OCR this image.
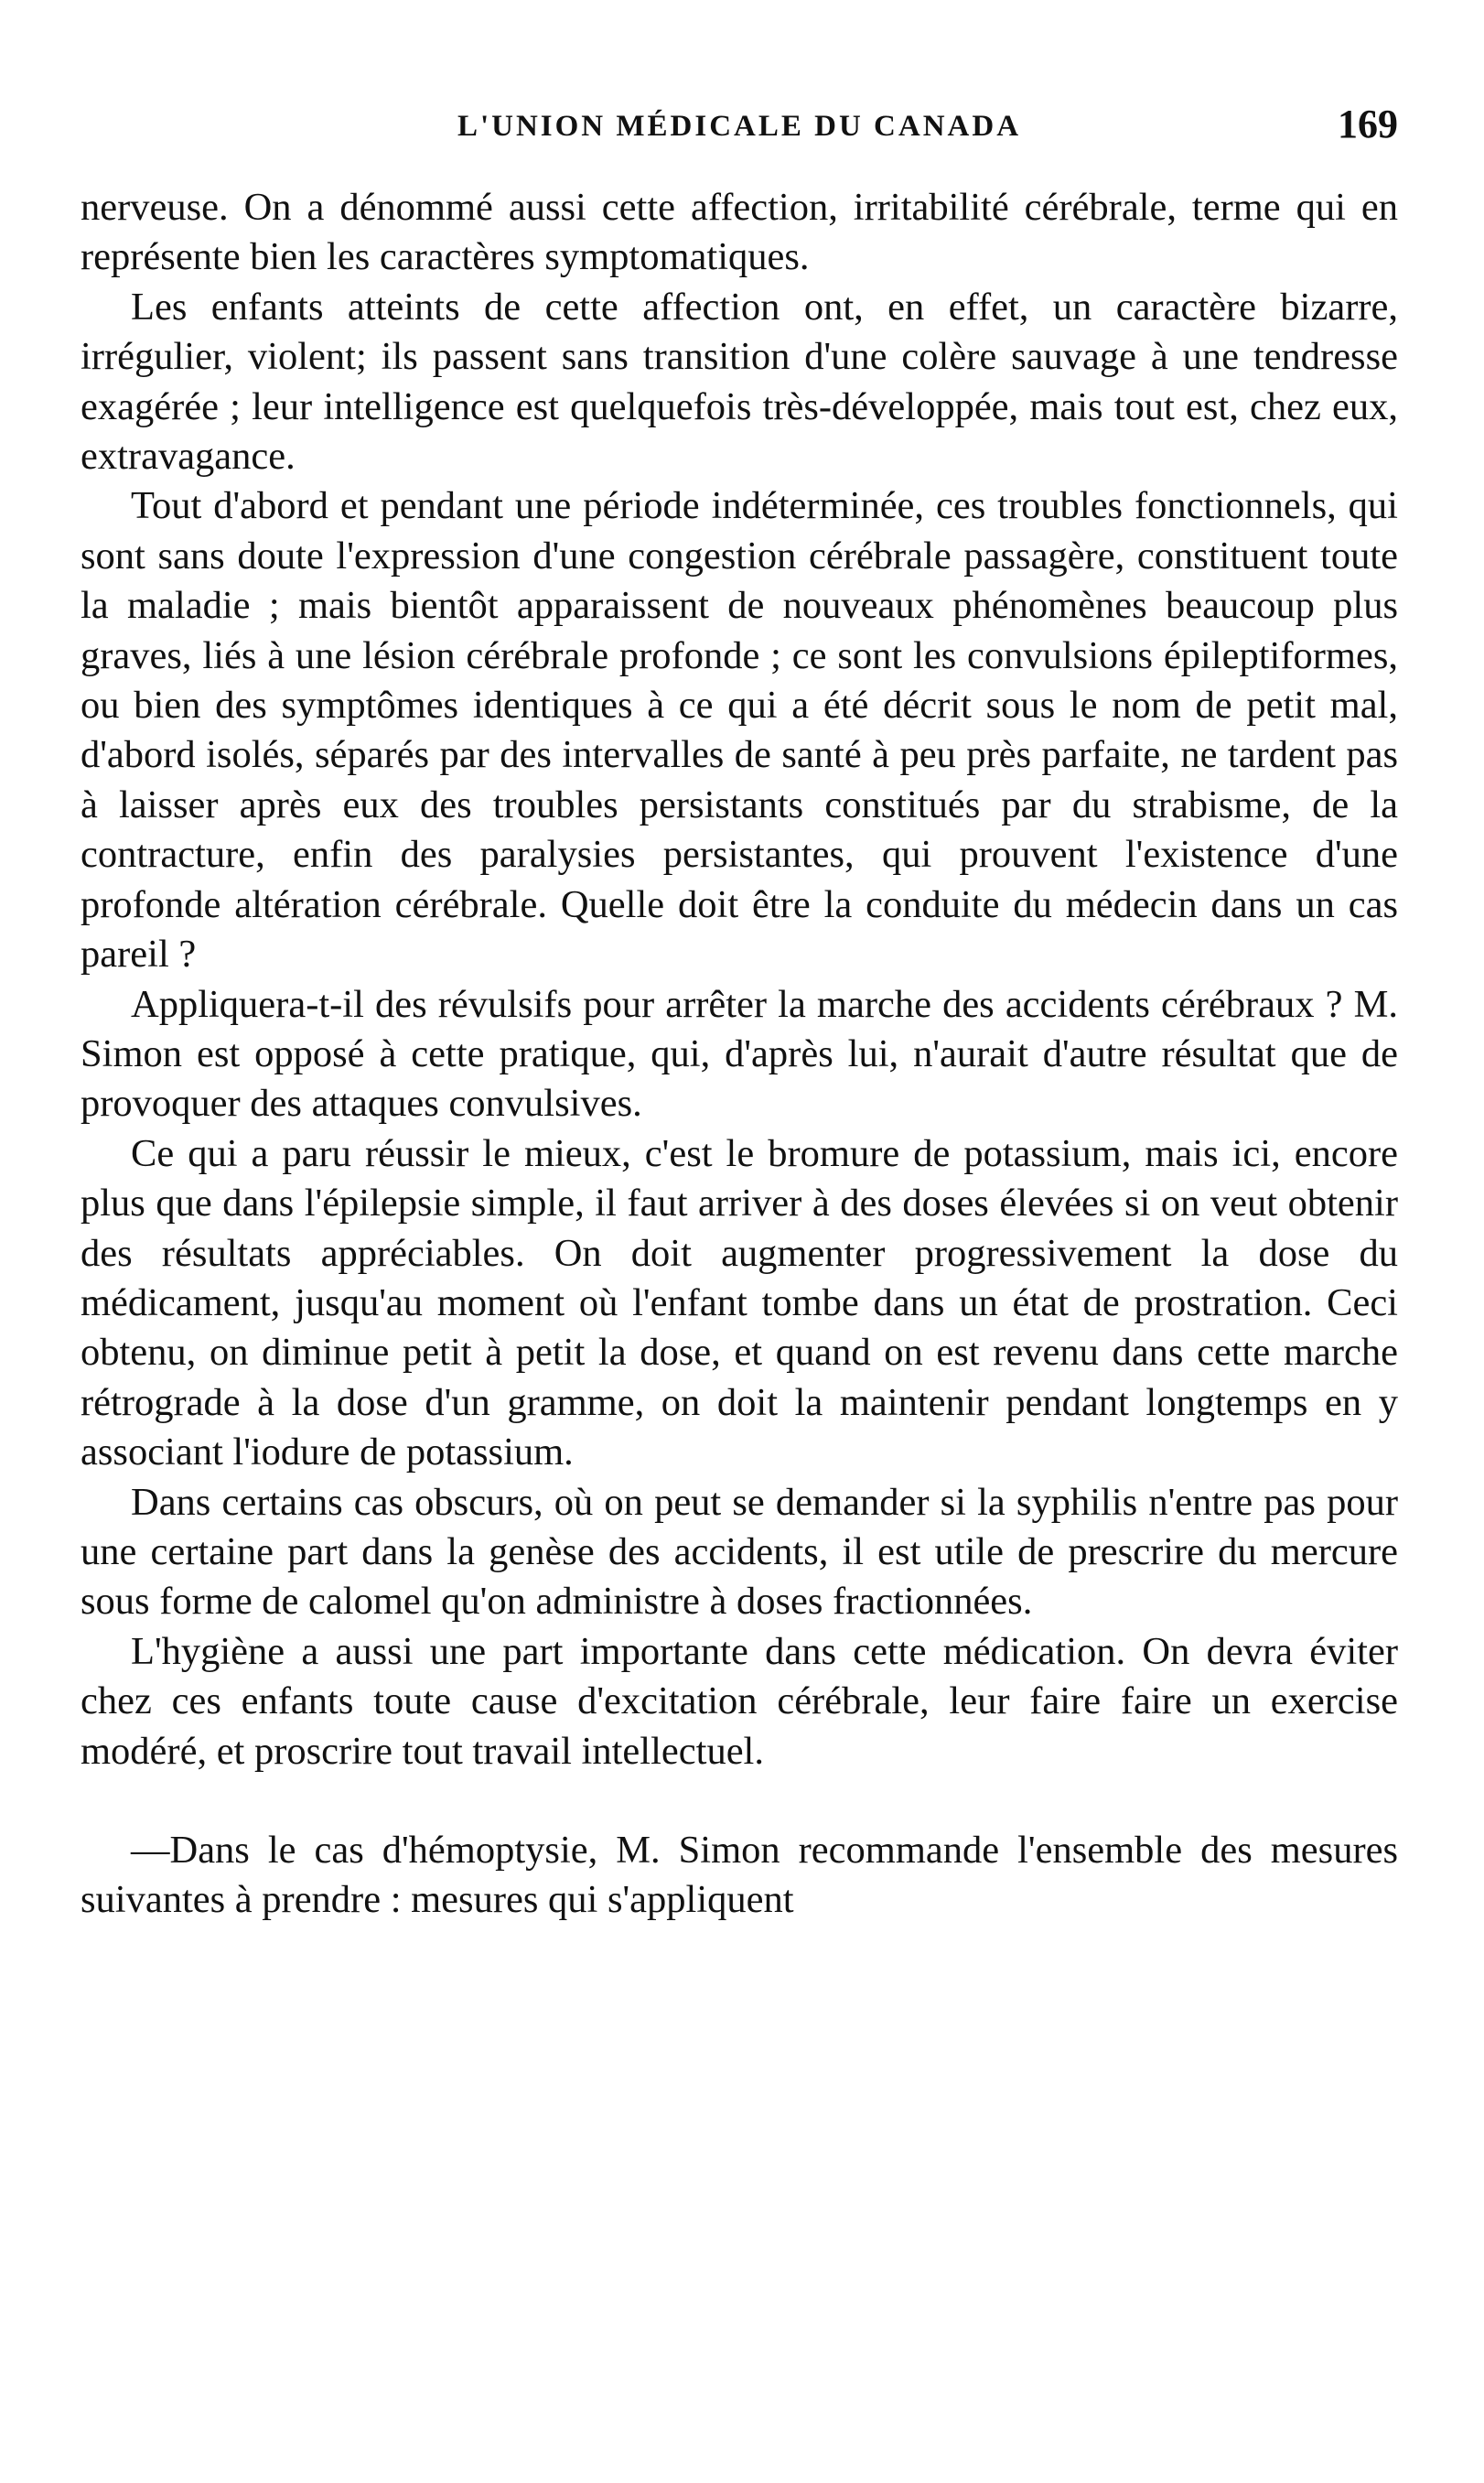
L'UNION MÉDICALE DU CANADA	169

nerveuse. On a dénommé aussi cette affection, irritabilité cérébrale, terme qui en représente bien les caractères symptomatiques.

Les enfants atteints de cette affection ont, en effet, un caractère bizarre, irrégulier, violent; ils passent sans transition d'une colère sauvage à une tendresse exagérée ; leur intelligence est quelquefois très-développée, mais tout est, chez eux, extravagance.

Tout d'abord et pendant une période indéterminée, ces troubles fonctionnels, qui sont sans doute l'expression d'une congestion cérébrale passagère, constituent toute la maladie ; mais bientôt apparaissent de nouveaux phénomènes beaucoup plus graves, liés à une lésion cérébrale profonde ; ce sont les convulsions épileptiformes, ou bien des symptômes identiques à ce qui a été décrit sous le nom de petit mal, d'abord isolés, séparés par des intervalles de santé à peu près parfaite, ne tardent pas à laisser après eux des troubles persistants constitués par du strabisme, de la contracture, enfin des paralysies persistantes, qui prouvent l'existence d'une profonde altération cérébrale. Quelle doit être la conduite du médecin dans un cas pareil ?

Appliquera-t-il des révulsifs pour arrêter la marche des accidents cérébraux ? M. Simon est opposé à cette pratique, qui, d'après lui, n'aurait d'autre résultat que de provoquer des attaques convulsives.

Ce qui a paru réussir le mieux, c'est le bromure de potassium, mais ici, encore plus que dans l'épilepsie simple, il faut arriver à des doses élevées si on veut obtenir des résultats appréciables. On doit augmenter progressivement la dose du médicament, jusqu'au moment où l'enfant tombe dans un état de prostration. Ceci obtenu, on diminue petit à petit la dose, et quand on est revenu dans cette marche rétrograde à la dose d'un gramme, on doit la maintenir pendant longtemps en y associant l'iodure de potassium.

Dans certains cas obscurs, où on peut se demander si la syphilis n'entre pas pour une certaine part dans la genèse des accidents, il est utile de prescrire du mercure sous forme de calomel qu'on administre à doses fractionnées.

L'hygiène a aussi une part importante dans cette médication. On devra éviter chez ces enfants toute cause d'excitation cérébrale, leur faire faire un exercise modéré, et proscrire tout travail intellectuel.

—Dans le cas d'hémoptysie, M. Simon recommande l'ensemble des mesures suivantes à prendre : mesures qui s'appliquent
